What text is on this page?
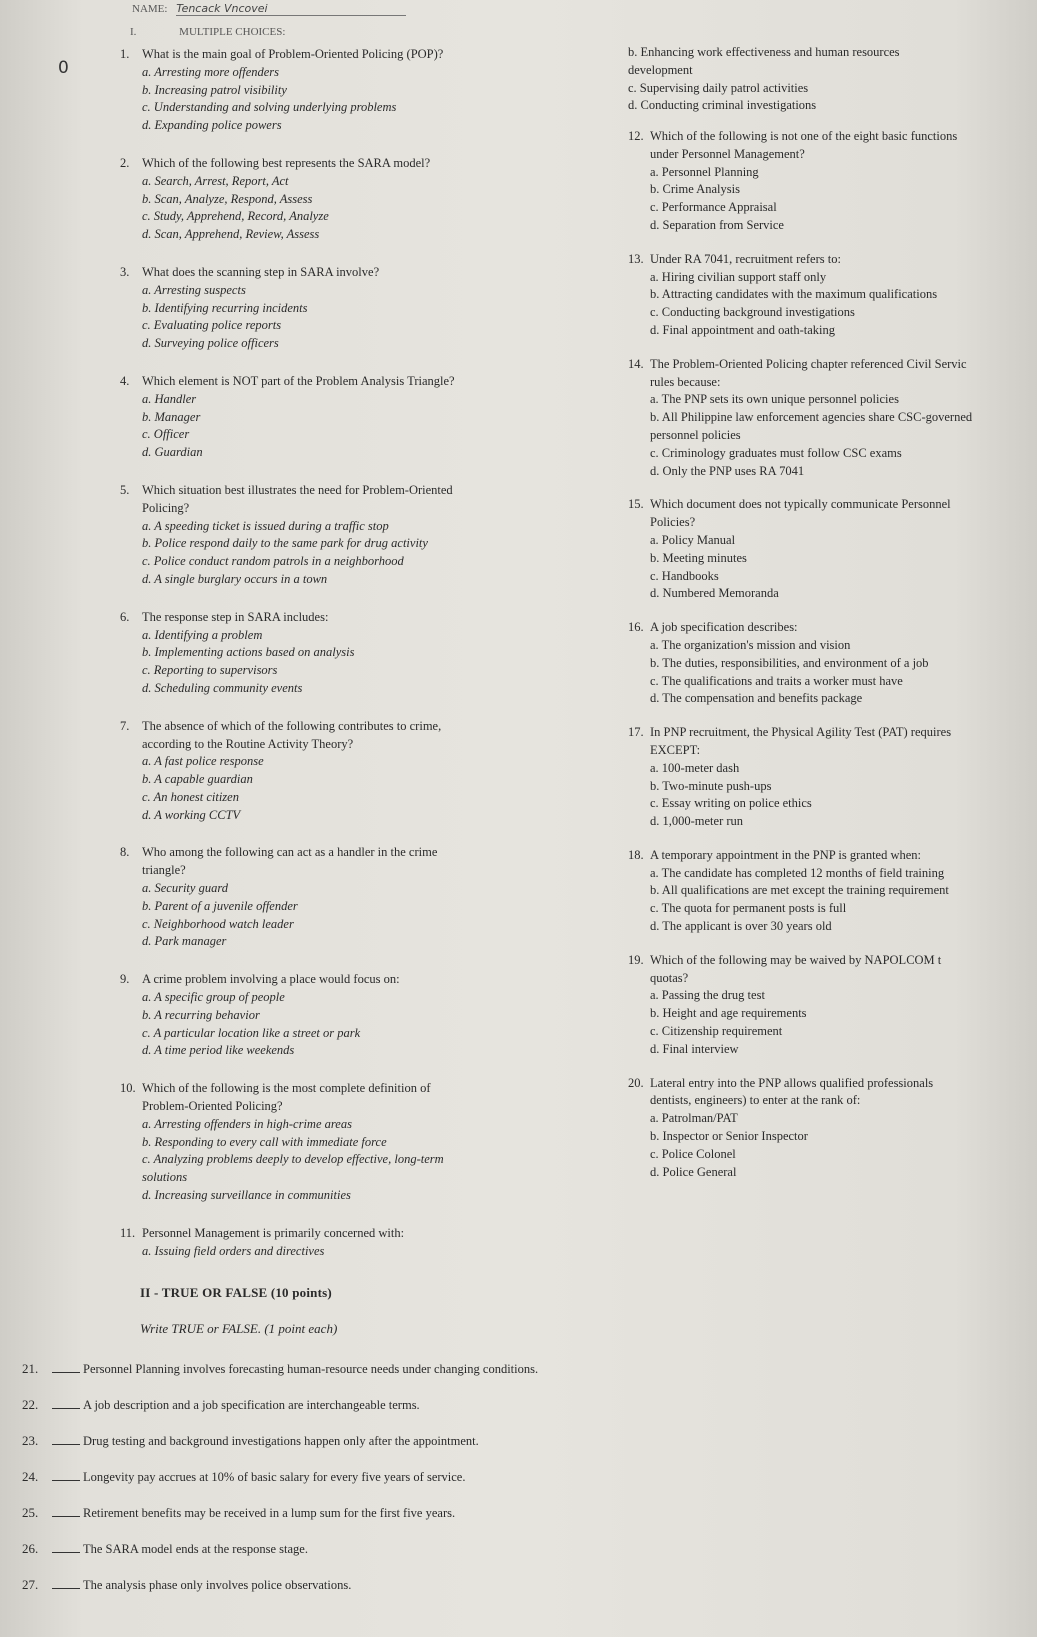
NAME: Tencack Vncovei
I.	MULTIPLE CHOICES:
0
1. What is the main goal of Problem-Oriented Policing (POP)?
a. Arresting more offenders
b. Increasing patrol visibility
c. Understanding and solving underlying problems
d. Expanding police powers
2. Which of the following best represents the SARA model?
a. Search, Arrest, Report, Act
b. Scan, Analyze, Respond, Assess
c. Study, Apprehend, Record, Analyze
d. Scan, Apprehend, Review, Assess
3. What does the scanning step in SARA involve?
a. Arresting suspects
b. Identifying recurring incidents
c. Evaluating police reports
d. Surveying police officers
4. Which element is NOT part of the Problem Analysis Triangle?
a. Handler
b. Manager
c. Officer
d. Guardian
5. Which situation best illustrates the need for Problem-Oriented
Policing?
a. A speeding ticket is issued during a traffic stop
b. Police respond daily to the same park for drug activity
c. Police conduct random patrols in a neighborhood
d. A single burglary occurs in a town
6. The response step in SARA includes:
a. Identifying a problem
b. Implementing actions based on analysis
c. Reporting to supervisors
d. Scheduling community events
7. The absence of which of the following contributes to crime,
according to the Routine Activity Theory?
a. A fast police response
b. A capable guardian
c. An honest citizen
d. A working CCTV
8. Who among the following can act as a handler in the crime
triangle?
a. Security guard
b. Parent of a juvenile offender
c. Neighborhood watch leader
d. Park manager
9. A crime problem involving a place would focus on:
a. A specific group of people
b. A recurring behavior
c. A particular location like a street or park
d. A time period like weekends
10. Which of the following is the most complete definition of
Problem-Oriented Policing?
a. Arresting offenders in high-crime areas
b. Responding to every call with immediate force
c. Analyzing problems deeply to develop effective, long-term
solutions
d. Increasing surveillance in communities
11. Personnel Management is primarily concerned with:
a. Issuing field orders and directives
b. Enhancing work effectiveness and human resources
development
c. Supervising daily patrol activities
d. Conducting criminal investigations
12. Which of the following is not one of the eight basic functions
under Personnel Management?
a. Personnel Planning
b. Crime Analysis
c. Performance Appraisal
d. Separation from Service
13. Under RA 7041, recruitment refers to:
a. Hiring civilian support staff only
b. Attracting candidates with the maximum qualifications
c. Conducting background investigations
d. Final appointment and oath-taking
14. The Problem-Oriented Policing chapter referenced Civil Servic
rules because:
a. The PNP sets its own unique personnel policies
b. All Philippine law enforcement agencies share CSC-governed
personnel policies
c. Criminology graduates must follow CSC exams
d. Only the PNP uses RA 7041
15. Which document does not typically communicate Personnel
Policies?
a. Policy Manual
b. Meeting minutes
c. Handbooks
d. Numbered Memoranda
16. A job specification describes:
a. The organization's mission and vision
b. The duties, responsibilities, and environment of a job
c. The qualifications and traits a worker must have
d. The compensation and benefits package
17. In PNP recruitment, the Physical Agility Test (PAT) requires
EXCEPT:
a. 100-meter dash
b. Two-minute push-ups
c. Essay writing on police ethics
d. 1,000-meter run
18. A temporary appointment in the PNP is granted when:
a. The candidate has completed 12 months of field training
b. All qualifications are met except the training requirement
c. The quota for permanent posts is full
d. The applicant is over 30 years old
19. Which of the following may be waived by NAPOLCOM t
quotas?
a. Passing the drug test
b. Height and age requirements
c. Citizenship requirement
d. Final interview
20. Lateral entry into the PNP allows qualified professionals
dentists, engineers) to enter at the rank of:
a. Patrolman/PAT
b. Inspector or Senior Inspector
c. Police Colonel
d. Police General
II - TRUE OR FALSE (10 points)
Write TRUE or FALSE. (1 point each)
21.	Personnel Planning involves forecasting human-resource needs under changing conditions.
22.	A job description and a job specification are interchangeable terms.
23.	Drug testing and background investigations happen only after the appointment.
24.	Longevity pay accrues at 10% of basic salary for every five years of service.
25.	Retirement benefits may be received in a lump sum for the first five years.
26.	The SARA model ends at the response stage.
27.	The analysis phase only involves police observations.
